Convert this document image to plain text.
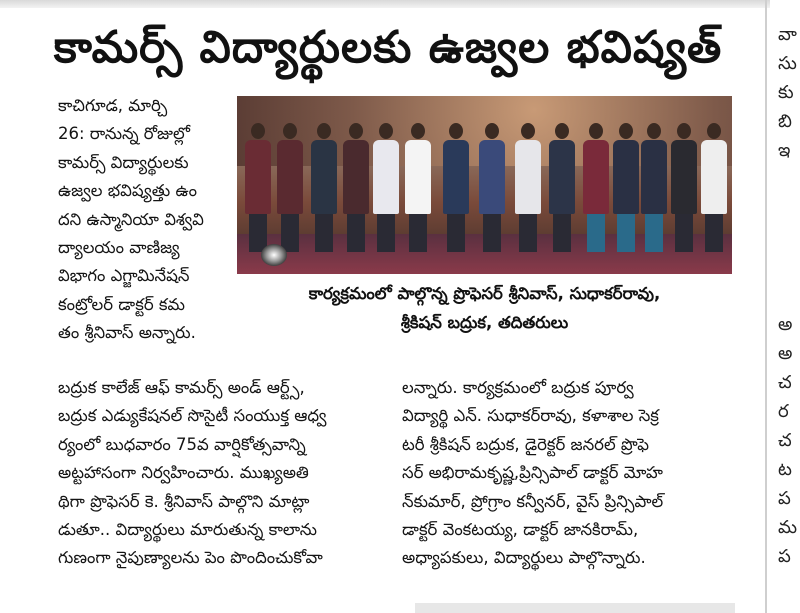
వా
సు
కు
బి
ఇ

అ
అ
చ
ర
చ
ట
ప
మ
ప
కామర్స్ విద్యార్థులకు ఉజ్వల భవిష్యత్
కాచిగూడ, మార్చి
26: రానున్న రోజుల్లో
కామర్స్ విద్యార్థులకు
ఉజ్వల భవిష్యత్తు ఉం
దని ఉస్మానియా విశ్వవి
ద్యాలయం వాణిజ్య
విభాగం ఎగ్జామినేషన్
కంట్రోలర్ డాక్టర్ కమ
తం శ్రీనివాస్ అన్నారు.
కార్యక్రమంలో పాల్గొన్న ప్రొఫెసర్ శ్రీనివాస్, సుధాకర్‌రావు,
శ్రీకిషన్ బద్రుక, తదితరులు
బద్రుక కాలేజ్ ఆఫ్ కామర్స్ అండ్ ఆర్ట్స్,
బద్రుక ఎడ్యుకేషనల్ సొసైటీ సంయుక్త ఆధ్వ
ర్యంలో బుధవారం 75వ వార్షికోత్సవాన్ని
అట్టహాసంగా నిర్వహించారు. ముఖ్యఅతి
థిగా ప్రొఫెసర్ కె. శ్రీనివాస్ పాల్గొని మాట్లా
డుతూ.. విద్యార్థులు మారుతున్న కాలాను
గుణంగా నైపుణ్యాలను పెం పొందించుకోవా
లన్నారు. కార్యక్రమంలో బద్రుక పూర్వ
విద్యార్థి ఎన్. సుధాకర్‌రావు, కళాశాల సెక్ర
టరీ శ్రీకిషన్ బద్రుక, డైరెక్టర్ జనరల్ ప్రొఫె
సర్ అభిరామకృష్ణ,ప్రిన్సిపాల్ డాక్టర్ మోహ
న్‌కుమార్, ప్రోగ్రాం కన్వీనర్, వైస్ ప్రిన్సిపాల్
డాక్టర్ వెంకటయ్య, డాక్టర్ జానకిరామ్,
అధ్యాపకులు, విద్యార్థులు పాల్గొన్నారు.
